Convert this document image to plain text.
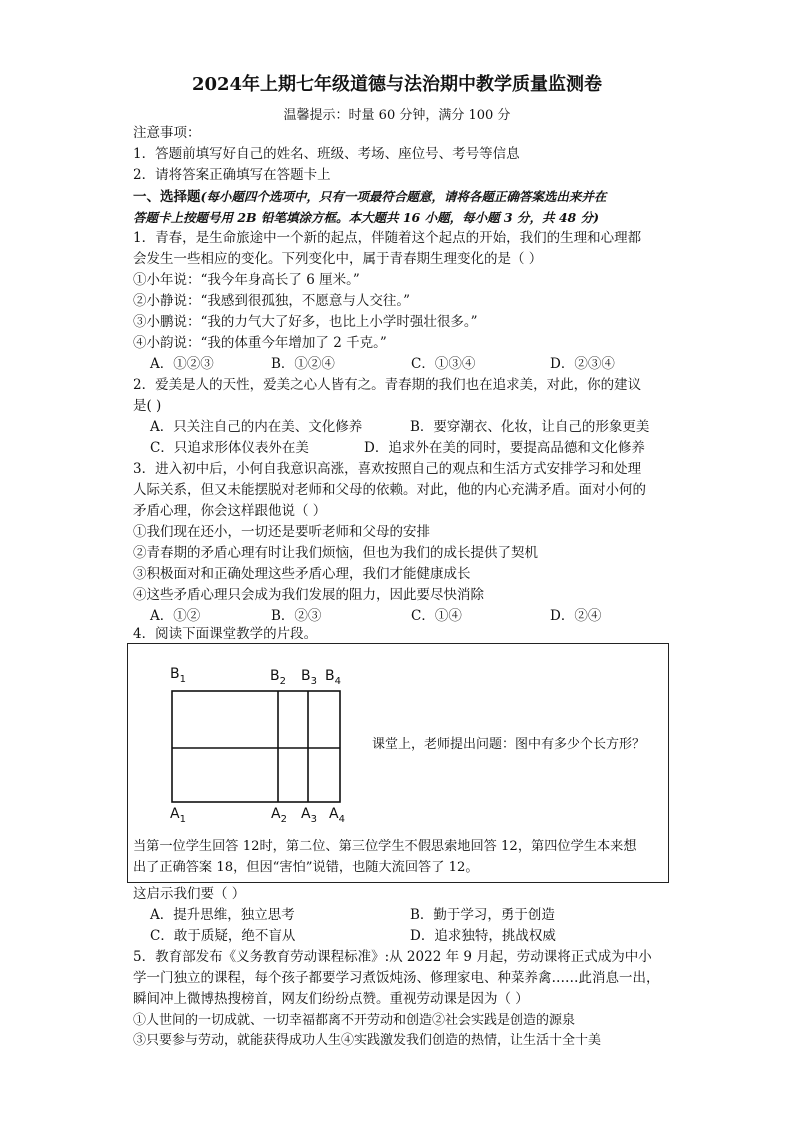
2024年上期七年级道德与法治期中教学质量监测卷
温馨提示：时量 60 分钟，满分 100 分
注意事项：
1．答题前填写好自己的姓名、班级、考场、座位号、考号等信息
2．请将答案正确填写在答题卡上
一、选择题(每小题四个选项中，只有一项最符合题意，请将各题正确答案选出来并在
答题卡上按题号用 2B 铅笔填涂方框。本大题共 16 小题，每小题 3 分，共 48 分)
1．青春，是生命旅途中一个新的起点，伴随着这个起点的开始，我们的生理和心理都
会发生一些相应的变化。下列变化中，属于青春期生理变化的是（ ）
①小年说：“我今年身高长了 6 厘米。”
②小静说：“我感到很孤独，不愿意与人交往。”
③小鹏说：“我的力气大了好多，也比上小学时强壮很多。”
④小韵说：“我的体重今年增加了 2 千克。”
A．①②③	B．①②④	C．①③④	D．②③④
2．爱美是人的天性，爱美之心人皆有之。青春期的我们也在追求美，对此，你的建议
是( )
A．只关注自己的内在美、文化修养	B．要穿潮衣、化妆，让自己的形象更美
C．只追求形体仪表外在美	D．追求外在美的同时，要提高品德和文化修养
3．进入初中后，小何自我意识高涨，喜欢按照自己的观点和生活方式安排学习和处理
人际关系，但又未能摆脱对老师和父母的依赖。对此，他的内心充满矛盾。面对小何的
矛盾心理，你会这样跟他说（ ）
①我们现在还小，一切还是要听老师和父母的安排
②青春期的矛盾心理有时让我们烦恼，但也为我们的成长提供了契机
③积极面对和正确处理这些矛盾心理，我们才能健康成长
④这些矛盾心理只会成为我们发展的阻力，因此要尽快消除
A．①②	B．②③	C．①④	D．②④
4．阅读下面课堂教学的片段。
$B_1$	$B_2$ $B_3$ $B_4$
$A_1$	$A_2$ $A_3$ $A_4$
课堂上，老师提出问题：图中有多少个长方形？
当第一位学生回答 12时，第二位、第三位学生不假思索地回答 12，第四位学生本来想
出了正确答案 18，但因“害怕”说错，也随大流回答了 12。
这启示我们要（ ）
A．提升思维，独立思考	B．勤于学习，勇于创造
C．敢于质疑，绝不盲从	D．追求独特，挑战权威
5．教育部发布《义务教育劳动课程标准》:从 2022 年 9 月起，劳动课将正式成为中小
学一门独立的课程，每个孩子都要学习煮饭炖汤、修理家电、种菜养禽……此消息一出，
瞬间冲上微博热搜榜首，网友们纷纷点赞。重视劳动课是因为（ ）
①人世间的一切成就、一切幸福都离不开劳动和创造②社会实践是创造的源泉
③只要参与劳动，就能获得成功人生④实践激发我们创造的热情，让生活十全十美
